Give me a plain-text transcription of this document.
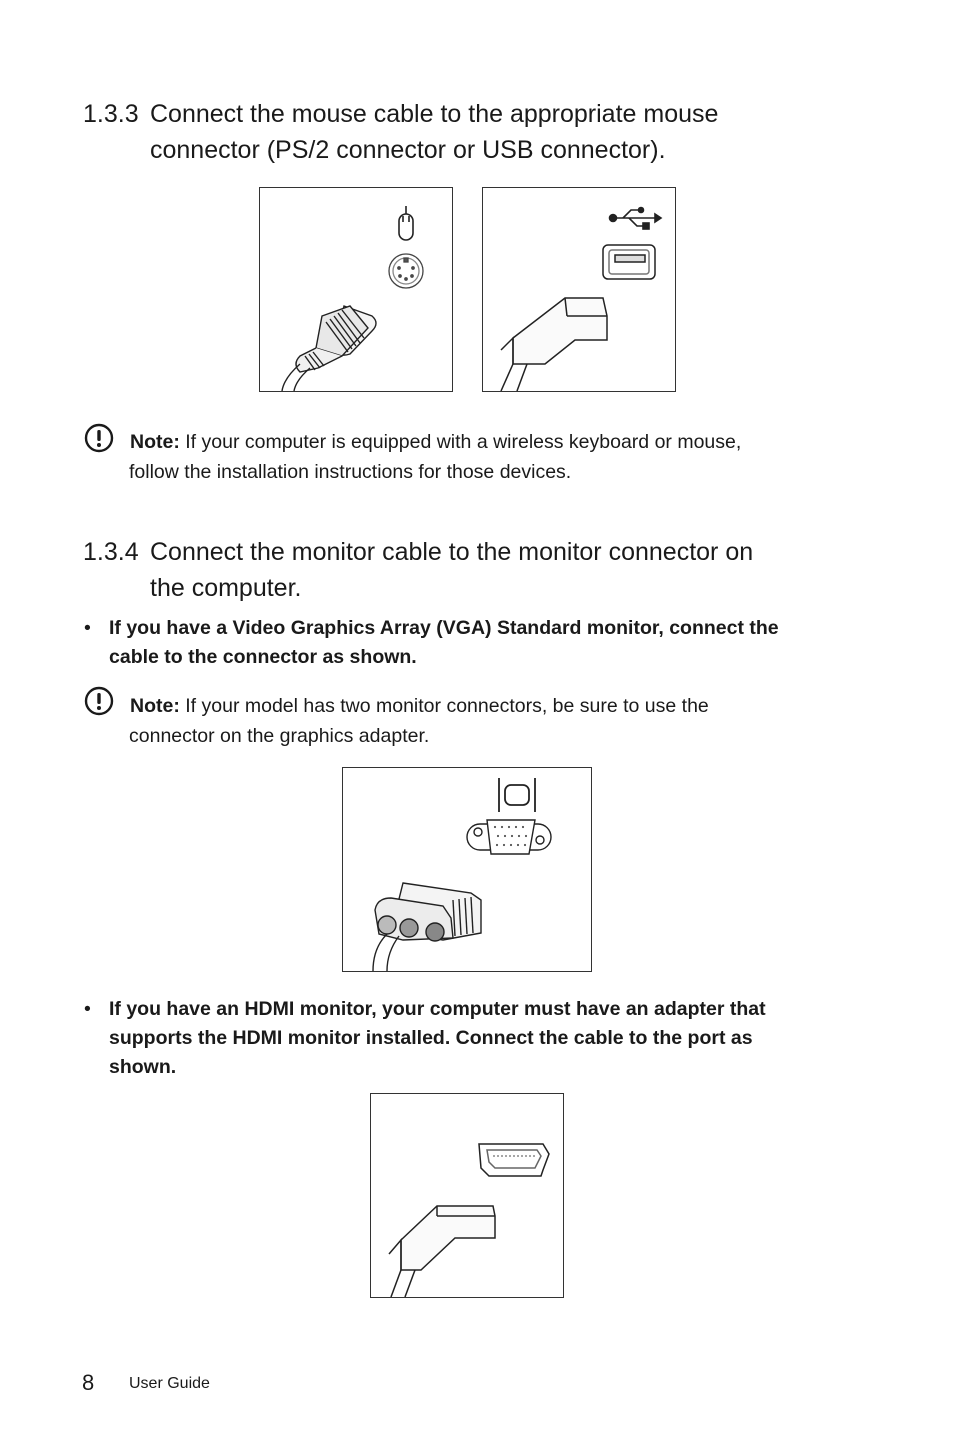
1.3.3 Connect the mouse cable to the appropriate mouse
connector (PS/2 connector or USB connector).
Note: If your computer is equipped with a wireless keyboard or mouse,
follow the installation instructions for those devices.
1.3.4 Connect the monitor cable to the monitor connector on
the computer.
• If you have a Video Graphics Array (VGA) Standard monitor, connect the
cable to the connector as shown.
Note: If your model has two monitor connectors, be sure to use the
connector on the graphics adapter.
• If you have an HDMI monitor, your computer must have an adapter that
supports the HDMI monitor installed. Connect the cable to the port as
shown.
8 User Guide
